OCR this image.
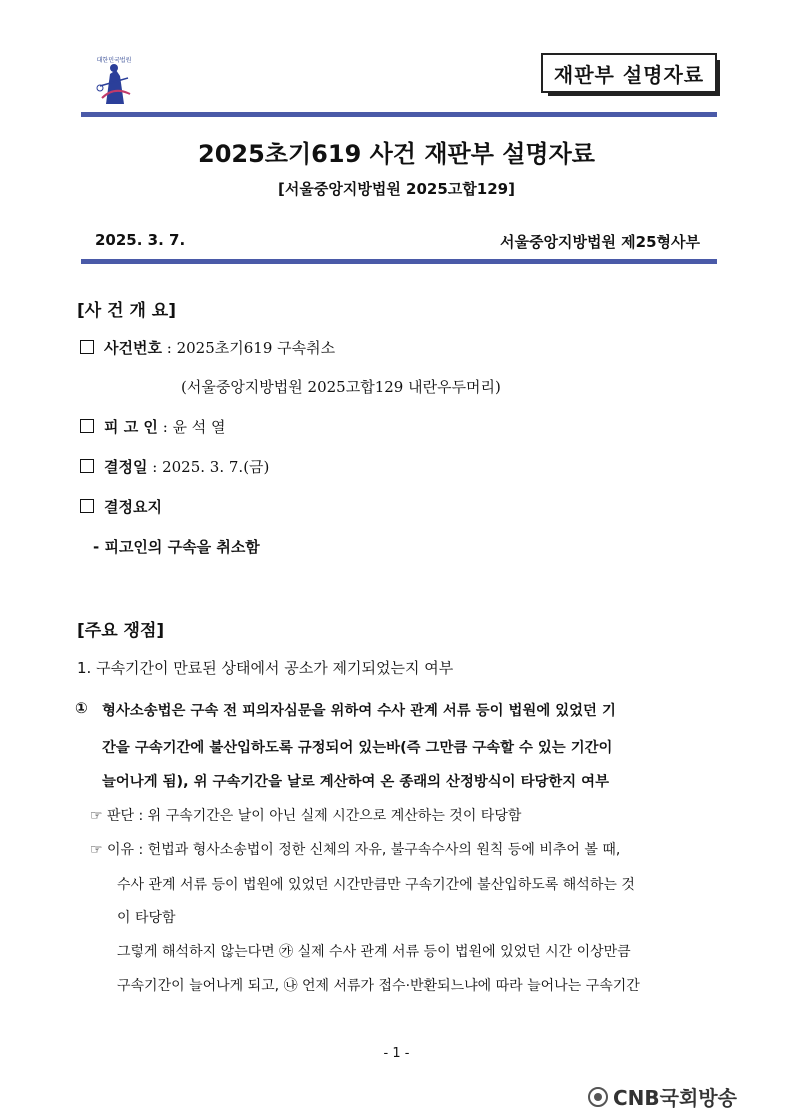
대한민국법원
재판부 설명자료
2025초기619 사건 재판부 설명자료
[서울중앙지방법원 2025고합129]
2025. 3. 7.	서울중앙지방법원 제25형사부
[사 건 개 요]
사건번호 : 2025초기619 구속취소
(서울중앙지방법원 2025고합129 내란우두머리)
피 고 인 : 윤 석 열
결정일 : 2025. 3. 7.(금)
결정요지
- 피고인의 구속을 취소함
[주요 쟁점]
1. 구속기간이 만료된 상태에서 공소가 제기되었는지 여부
① 형사소송법은 구속 전 피의자심문을 위하여 수사 관계 서류 등이 법원에 있었던 기
간을 구속기간에 불산입하도록 규정되어 있는바(즉 그만큼 구속할 수 있는 기간이
늘어나게 됨), 위 구속기간을 날로 계산하여 온 종래의 산정방식이 타당한지 여부
☞ 판단 : 위 구속기간은 날이 아닌 실제 시간으로 계산하는 것이 타당함
☞ 이유 : 헌법과 형사소송법이 정한 신체의 자유, 불구속수사의 원칙 등에 비추어 볼 때,
수사 관계 서류 등이 법원에 있었던 시간만큼만 구속기간에 불산입하도록 해석하는 것
이 타당함
그렇게 해석하지 않는다면 ㉮ 실제 수사 관계 서류 등이 법원에 있었던 시간 이상만큼
구속기간이 늘어나게 되고, ㉯ 언제 서류가 접수·반환되느냐에 따라 늘어나는 구속기간
- 1 -
CNB국회방송
